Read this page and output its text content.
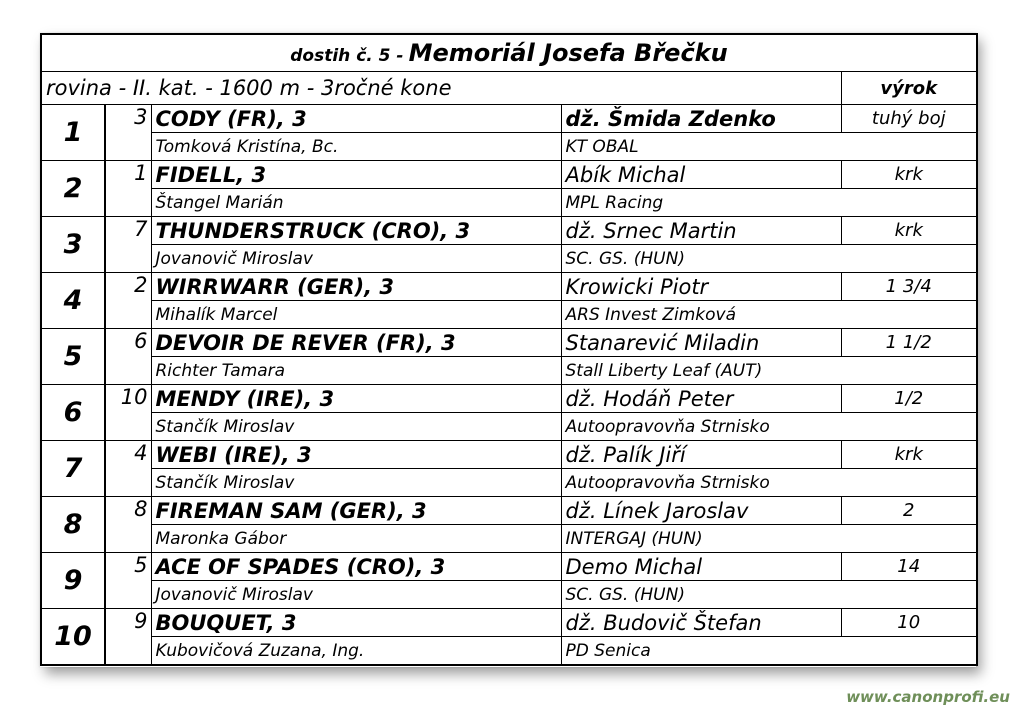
dostih č. 5 - Memoriál Josefa Břečku				
rovina - II. kat. - 1600 m - 3ročné kone				výrok
1	3	CODY (FR), 3	dž. Šmida Zdenko	tuhý boj
		Tomková Kristína, Bc.	KT OBAL	
2	1	FIDELL, 3	Abík Michal	krk
		Štangel Marián	MPL Racing	
3	7	THUNDERSTRUCK (CRO), 3	dž. Srnec Martin	krk
		Jovanovič Miroslav	SC. GS. (HUN)	
4	2	WIRRWARR (GER), 3	Krowicki Piotr	1 3/4
		Mihalík Marcel	ARS Invest Zimková	
5	6	DEVOIR DE REVER (FR), 3	Stanarević Miladin	1 1/2
		Richter Tamara	Stall Liberty Leaf (AUT)	
6	10	MENDY (IRE), 3	dž. Hodáň Peter	1/2
		Stančík Miroslav	Autoopravovňa Strnisko	
7	4	WEBI (IRE), 3	dž. Palík Jiří	krk
		Stančík Miroslav	Autoopravovňa Strnisko	
8	8	FIREMAN SAM (GER), 3	dž. Línek Jaroslav	2
		Maronka Gábor	INTERGAJ (HUN)	
9	5	ACE OF SPADES (CRO), 3	Demo Michal	14
		Jovanovič Miroslav	SC. GS. (HUN)	
10	9	BOUQUET, 3	dž. Budovič Štefan	10
		Kubovičová Zuzana, Ing.	PD Senica	
www.canonprofi.eu
